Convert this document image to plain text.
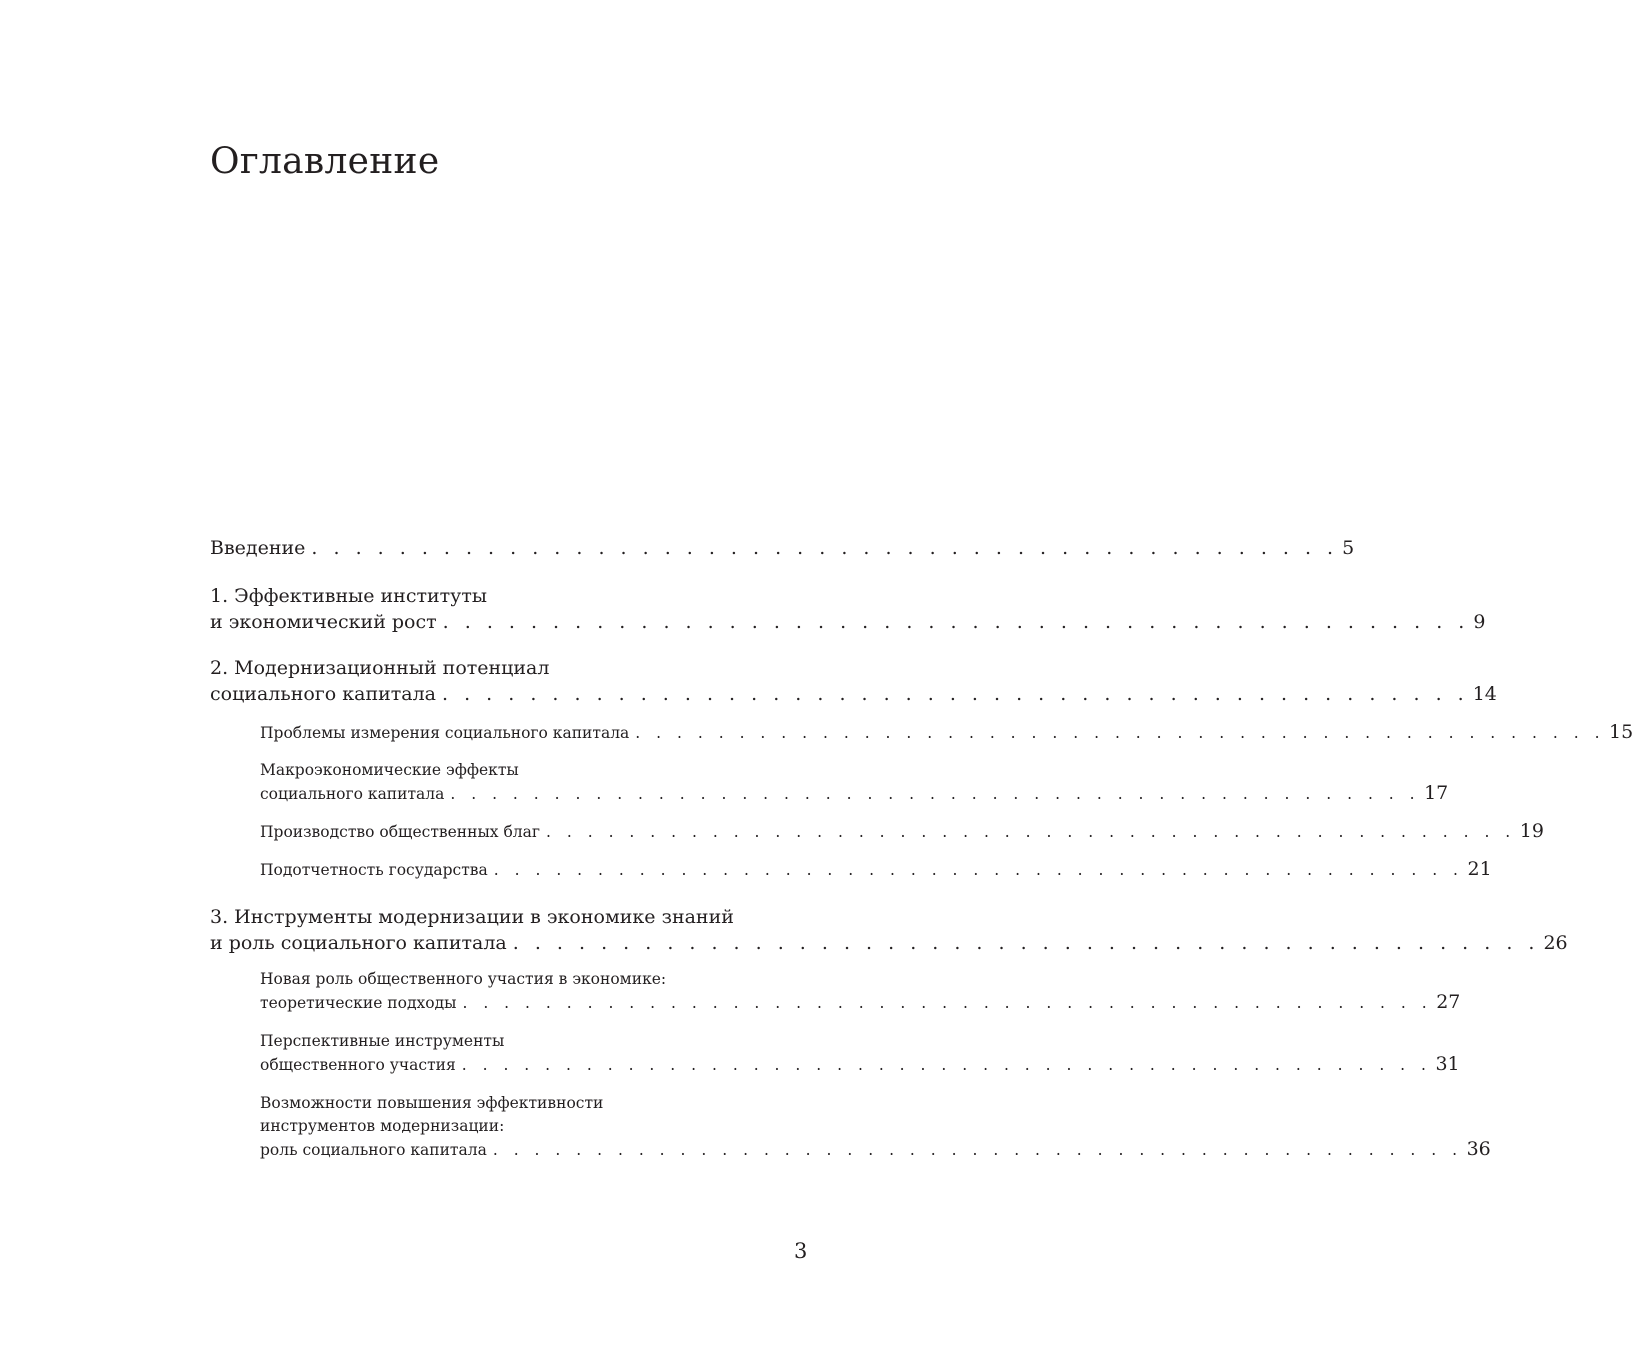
Оглавление
Введение . . . . . . . . . . . . . . . . . . . . . . . . . . . . . . . . . . . . . . . . . . . . . . . 5
1. Эффективные институты
и экономический рост . . . . . . . . . . . . . . . . . . . . . . . . . . . . . . . . . . . . . . . . . . . . . . . 9
2. Модернизационный потенциал
социального капитала . . . . . . . . . . . . . . . . . . . . . . . . . . . . . . . . . . . . . . . . . . . . . . . 14
Проблемы измерения социального капитала . . . . . . . . . . . . . . . . . . . . . . . . . . . . . . . . . . . . . . . . . . . . . . . 15
Макроэкономические эффекты
социального капитала . . . . . . . . . . . . . . . . . . . . . . . . . . . . . . . . . . . . . . . . . . . . . . . 17
Производство общественных благ . . . . . . . . . . . . . . . . . . . . . . . . . . . . . . . . . . . . . . . . . . . . . . . 19
Подотчетность государства . . . . . . . . . . . . . . . . . . . . . . . . . . . . . . . . . . . . . . . . . . . . . . . 21
3. Инструменты модернизации в экономике знаний
и роль социального капитала . . . . . . . . . . . . . . . . . . . . . . . . . . . . . . . . . . . . . . . . . . . . . . . 26
Новая роль общественного участия в экономике:
теоретические подходы . . . . . . . . . . . . . . . . . . . . . . . . . . . . . . . . . . . . . . . . . . . . . . . 27
Перспективные инструменты
общественного участия . . . . . . . . . . . . . . . . . . . . . . . . . . . . . . . . . . . . . . . . . . . . . . . 31
Возможности повышения эффективности
инструментов модернизации:
роль социального капитала . . . . . . . . . . . . . . . . . . . . . . . . . . . . . . . . . . . . . . . . . . . . . . . 36
3
